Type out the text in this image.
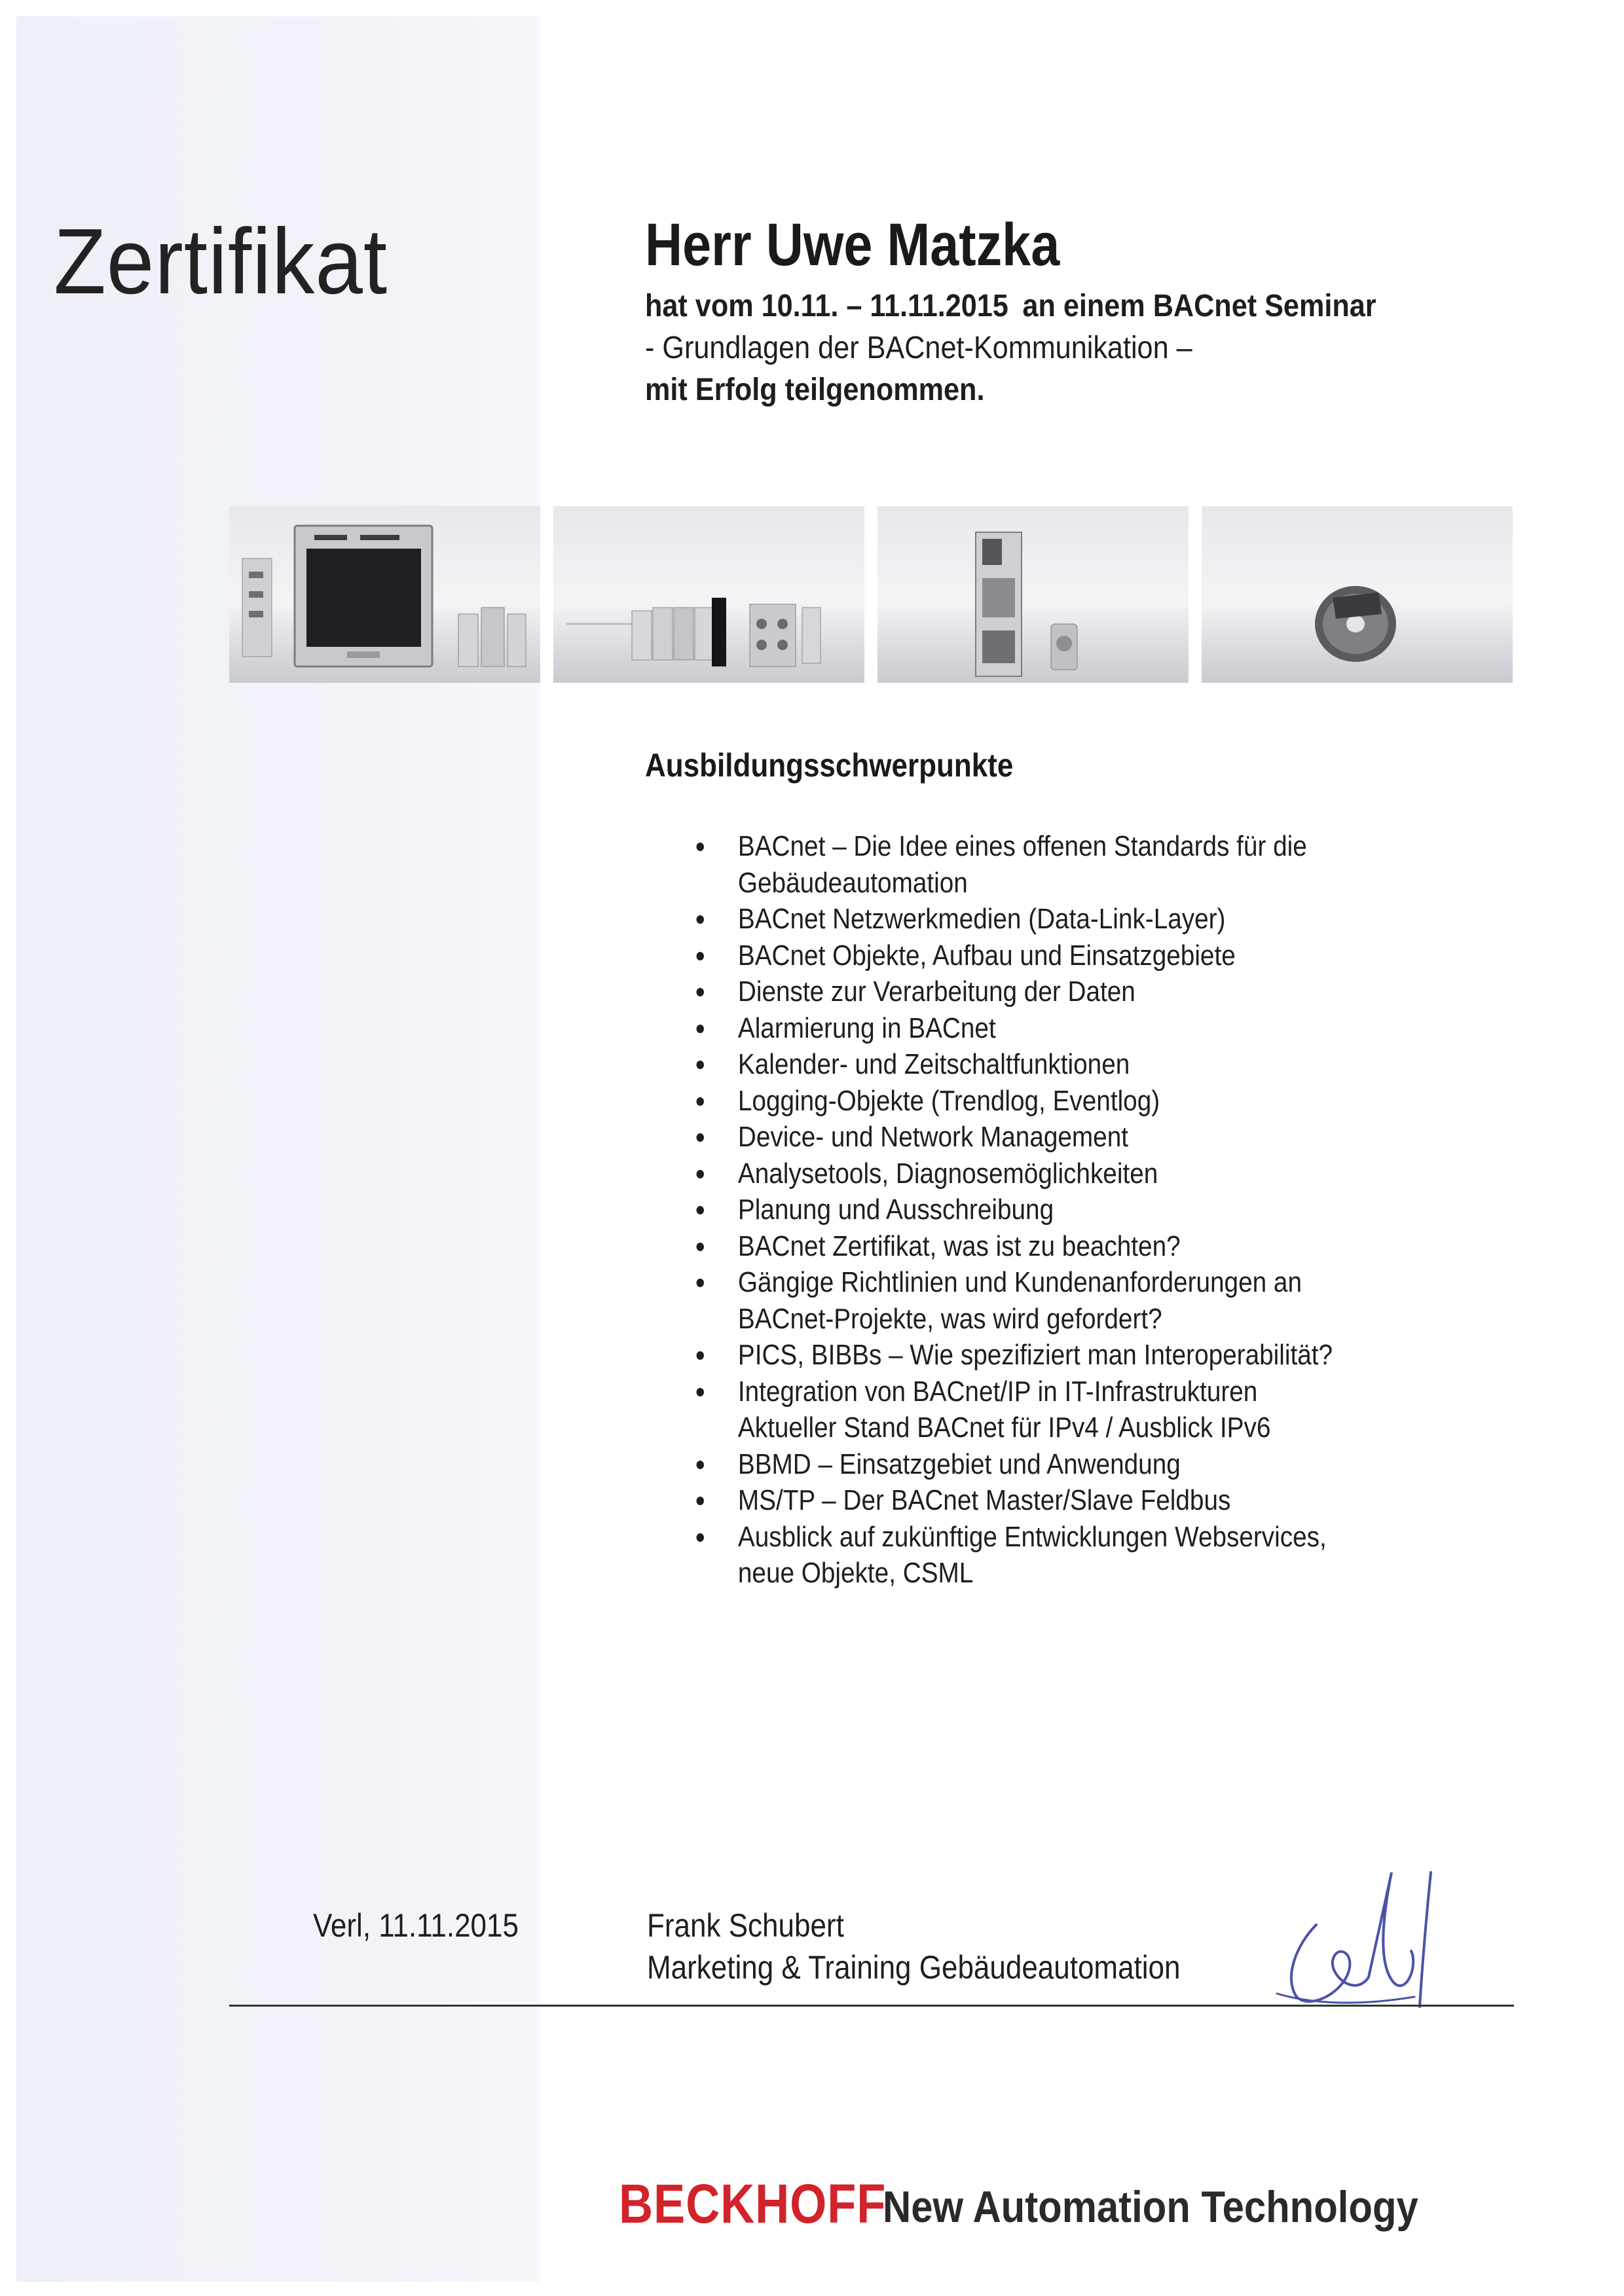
Zertifikat	Herr Uwe Matzka
hat vom 10.11. – 11.11.2015 an einem BACnet Seminar
- Grundlagen der BACnet-Kommunikation –
mit Erfolg teilgenommen.
Ausbildungsschwerpunkte
BACnet – Die Idee eines offenen Standards für die
Gebäudeautomation
BACnet Netzwerkmedien (Data-Link-Layer)
BACnet Objekte, Aufbau und Einsatzgebiete
Dienste zur Verarbeitung der Daten
Alarmierung in BACnet
Kalender- und Zeitschaltfunktionen
Logging-Objekte (Trendlog, Eventlog)
Device- und Network Management
Analysetools, Diagnosemöglichkeiten
Planung und Ausschreibung
BACnet Zertifikat, was ist zu beachten?
Gängige Richtlinien und Kundenanforderungen an
BACnet-Projekte, was wird gefordert?
PICS, BIBBs – Wie spezifiziert man Interoperabilität?
Integration von BACnet/IP in IT-Infrastrukturen
Aktueller Stand BACnet für IPv4 / Ausblick IPv6
BBMD – Einsatzgebiet und Anwendung
MS/TP – Der BACnet Master/Slave Feldbus
Ausblick auf zukünftige Entwicklungen Webservices,
neue Objekte, CSML

Verl, 11.11.2015	Frank Schubert

Marketing & Training Gebäudeautomation

BECKHOFF

New Automation Technology
